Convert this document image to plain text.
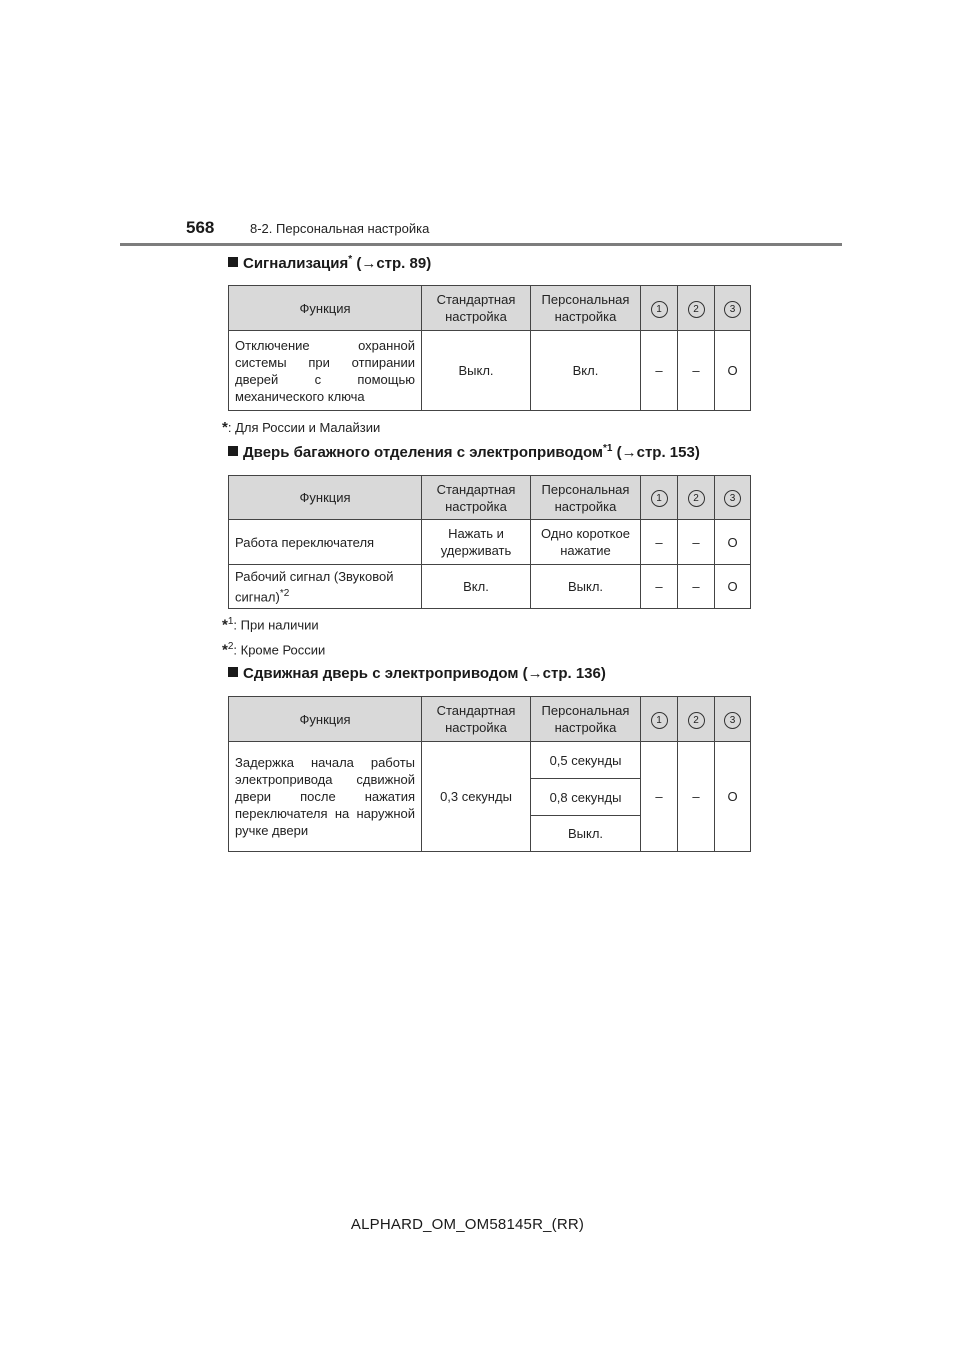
568	8-2. Персональная настройка
Сигнализация* (→стр. 89)
Функция	Стандартная настройка	Персональная настройка	1	2	3
Отключение охранной системы при отпирании дверей с помощью механического ключа	Выкл.	Вкл.	–	–	O
*: Для России и Малайзии
Дверь багажного отделения с электроприводом$^{*1}$ (→стр. 153)
Функция	Стандартная настройка	Персональная настройка	1	2	3
Работа переключателя	Нажать и удерживать	Одно короткое нажатие	–	–	O
Рабочий сигнал (Звуковой сигнал)$^{*2}$	Вкл.	Выкл.	–	–	O
*$^1$: При наличии
*$^2$: Кроме России
Сдвижная дверь с электроприводом (→стр. 136)
Функция	Стандартная настройка	Персональная настройка	1	2	3
Задержка начала работы электропривода сдвижной двери после нажатия переключателя на наружной ручке двери	0,3 секунды	0,5 секунды	–	–	O
		0,8 секунды			
		Выкл.			
ALPHARD_OM_OM58145R_(RR)
